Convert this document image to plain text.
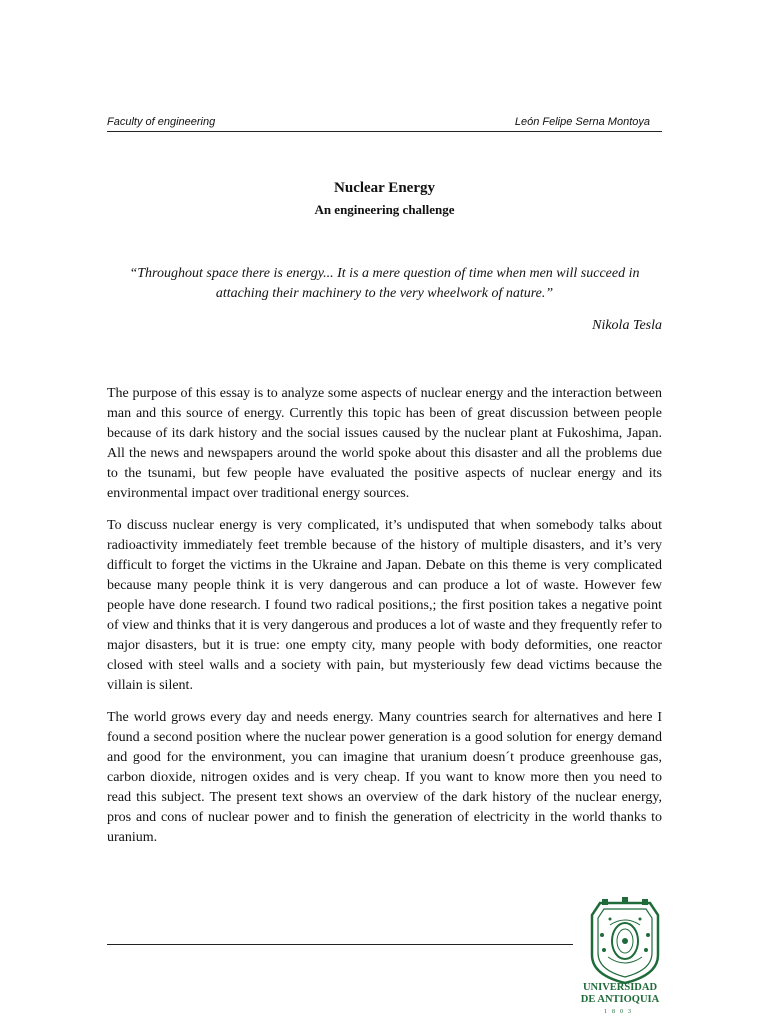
Faculty of engineering	León Felipe Serna Montoya
Nuclear Energy
An engineering challenge
“Throughout space there is energy... It is a mere question of time when men will succeed in attaching their machinery to the very wheelwork of nature.”
Nikola Tesla

The purpose of this essay is to analyze some aspects of nuclear energy and the interaction between man and this source of energy. Currently this topic has been of great discussion between people because of its dark history and the social issues caused by the nuclear plant at Fukoshima, Japan. All the news and newspapers around the world spoke about this disaster and all the problems due to the tsunami, but few people have evaluated the positive aspects of nuclear energy and its environmental impact over traditional energy sources.

To discuss nuclear energy is very complicated, it’s undisputed that when somebody talks about radioactivity immediately feet tremble because of the history of multiple disasters, and it’s very difficult to forget the victims in the Ukraine and Japan. Debate on this theme is very complicated because many people think it is very dangerous and can produce a lot of waste. However few people have done research. I found two radical positions,; the first position takes a negative point of view and thinks that it is very dangerous and produces a lot of waste and they frequently refer to major disasters, but it is true: one empty city, many people with body deformities, one reactor closed with steel walls and a society with pain, but mysteriously few dead victims because the villain is silent.

The world grows every day and needs energy. Many countries search for alternatives and here I found a second position where the nuclear power generation is a good solution for energy demand and good for the environment, you can imagine that uranium doesn´t produce greenhouse gas, carbon dioxide, nitrogen oxides and is very cheap. If you want to know more then you need to read this subject. The present text shows an overview of the dark history of the nuclear energy, pros and cons of nuclear power and to finish the generation of electricity in the world thanks to uranium.

UNIVERSIDAD
DE ANTIOQUIA
1803
